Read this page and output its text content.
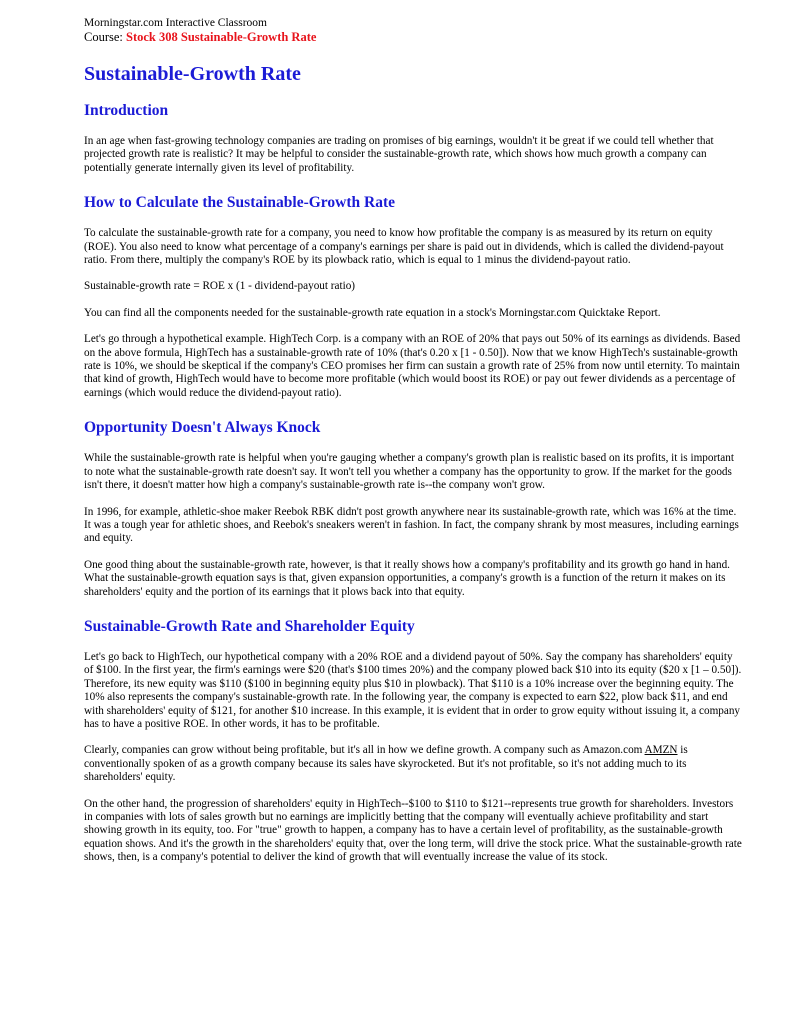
Morningstar.com Interactive Classroom

Course: Stock 308 Sustainable-Growth Rate

Sustainable-Growth Rate
Introduction

In an age when fast-growing technology companies are trading on promises of big earnings, wouldn't it be great if we could tell whether that projected growth rate is realistic? It may be helpful to consider the sustainable-growth rate, which shows how much growth a company can potentially generate internally given its level of profitability.

How to Calculate the Sustainable-Growth Rate

To calculate the sustainable-growth rate for a company, you need to know how profitable the company is as measured by its return on equity (ROE). You also need to know what percentage of a company's earnings per share is paid out in dividends, which is called the dividend-payout ratio. From there, multiply the company's ROE by its plowback ratio, which is equal to 1 minus the dividend-payout ratio.

Sustainable-growth rate = ROE x (1 - dividend-payout ratio)

You can find all the components needed for the sustainable-growth rate equation in a stock's Morningstar.com Quicktake Report.

Let's go through a hypothetical example. HighTech Corp. is a company with an ROE of 20% that pays out 50% of its earnings as dividends. Based on the above formula, HighTech has a sustainable-growth rate of 10% (that's 0.20 x [1 - 0.50]). Now that we know HighTech's sustainable-growth rate is 10%, we should be skeptical if the company's CEO promises her firm can sustain a growth rate of 25% from now until eternity. To maintain that kind of growth, HighTech would have to become more profitable (which would boost its ROE) or pay out fewer dividends as a percentage of earnings (which would reduce the dividend-payout ratio).

Opportunity Doesn't Always Knock

While the sustainable-growth rate is helpful when you're gauging whether a company's growth plan is realistic based on its profits, it is important to note what the sustainable-growth rate doesn't say. It won't tell you whether a company has the opportunity to grow. If the market for the goods isn't there, it doesn't matter how high a company's sustainable-growth rate is--the company won't grow.

In 1996, for example, athletic-shoe maker Reebok RBK didn't post growth anywhere near its sustainable-growth rate, which was 16% at the time. It was a tough year for athletic shoes, and Reebok's sneakers weren't in fashion. In fact, the company shrank by most measures, including earnings and equity.

One good thing about the sustainable-growth rate, however, is that it really shows how a company's profitability and its growth go hand in hand. What the sustainable-growth equation says is that, given expansion opportunities, a company's growth is a function of the return it makes on its shareholders' equity and the portion of its earnings that it plows back into that equity.

Sustainable-Growth Rate and Shareholder Equity

Let's go back to HighTech, our hypothetical company with a 20% ROE and a dividend payout of 50%. Say the company has shareholders' equity of $100. In the first year, the firm's earnings were $20 (that's $100 times 20%) and the company plowed back $10 into its equity ($20 x [1 – 0.50]). Therefore, its new equity was $110 ($100 in beginning equity plus $10 in plowback). That $110 is a 10% increase over the beginning equity. The 10% also represents the company's sustainable-growth rate. In the following year, the company is expected to earn $22, plow back $11, and end with shareholders' equity of $121, for another $10 increase. In this example, it is evident that in order to grow equity without issuing it, a company has to have a positive ROE. In other words, it has to be profitable.

Clearly, companies can grow without being profitable, but it's all in how we define growth. A company such as Amazon.com AMZN is conventionally spoken of as a growth company because its sales have skyrocketed. But it's not profitable, so it's not adding much to its shareholders' equity.

On the other hand, the progression of shareholders' equity in HighTech--$100 to $110 to $121--represents true growth for shareholders. Investors in companies with lots of sales growth but no earnings are implicitly betting that the company will eventually achieve profitability and start showing growth in its equity, too. For "true" growth to happen, a company has to have a certain level of profitability, as the sustainable-growth equation shows. And it's the growth in the shareholders' equity that, over the long term, will drive the stock price. What the sustainable-growth rate shows, then, is a company's potential to deliver the kind of growth that will eventually increase the value of its stock.
